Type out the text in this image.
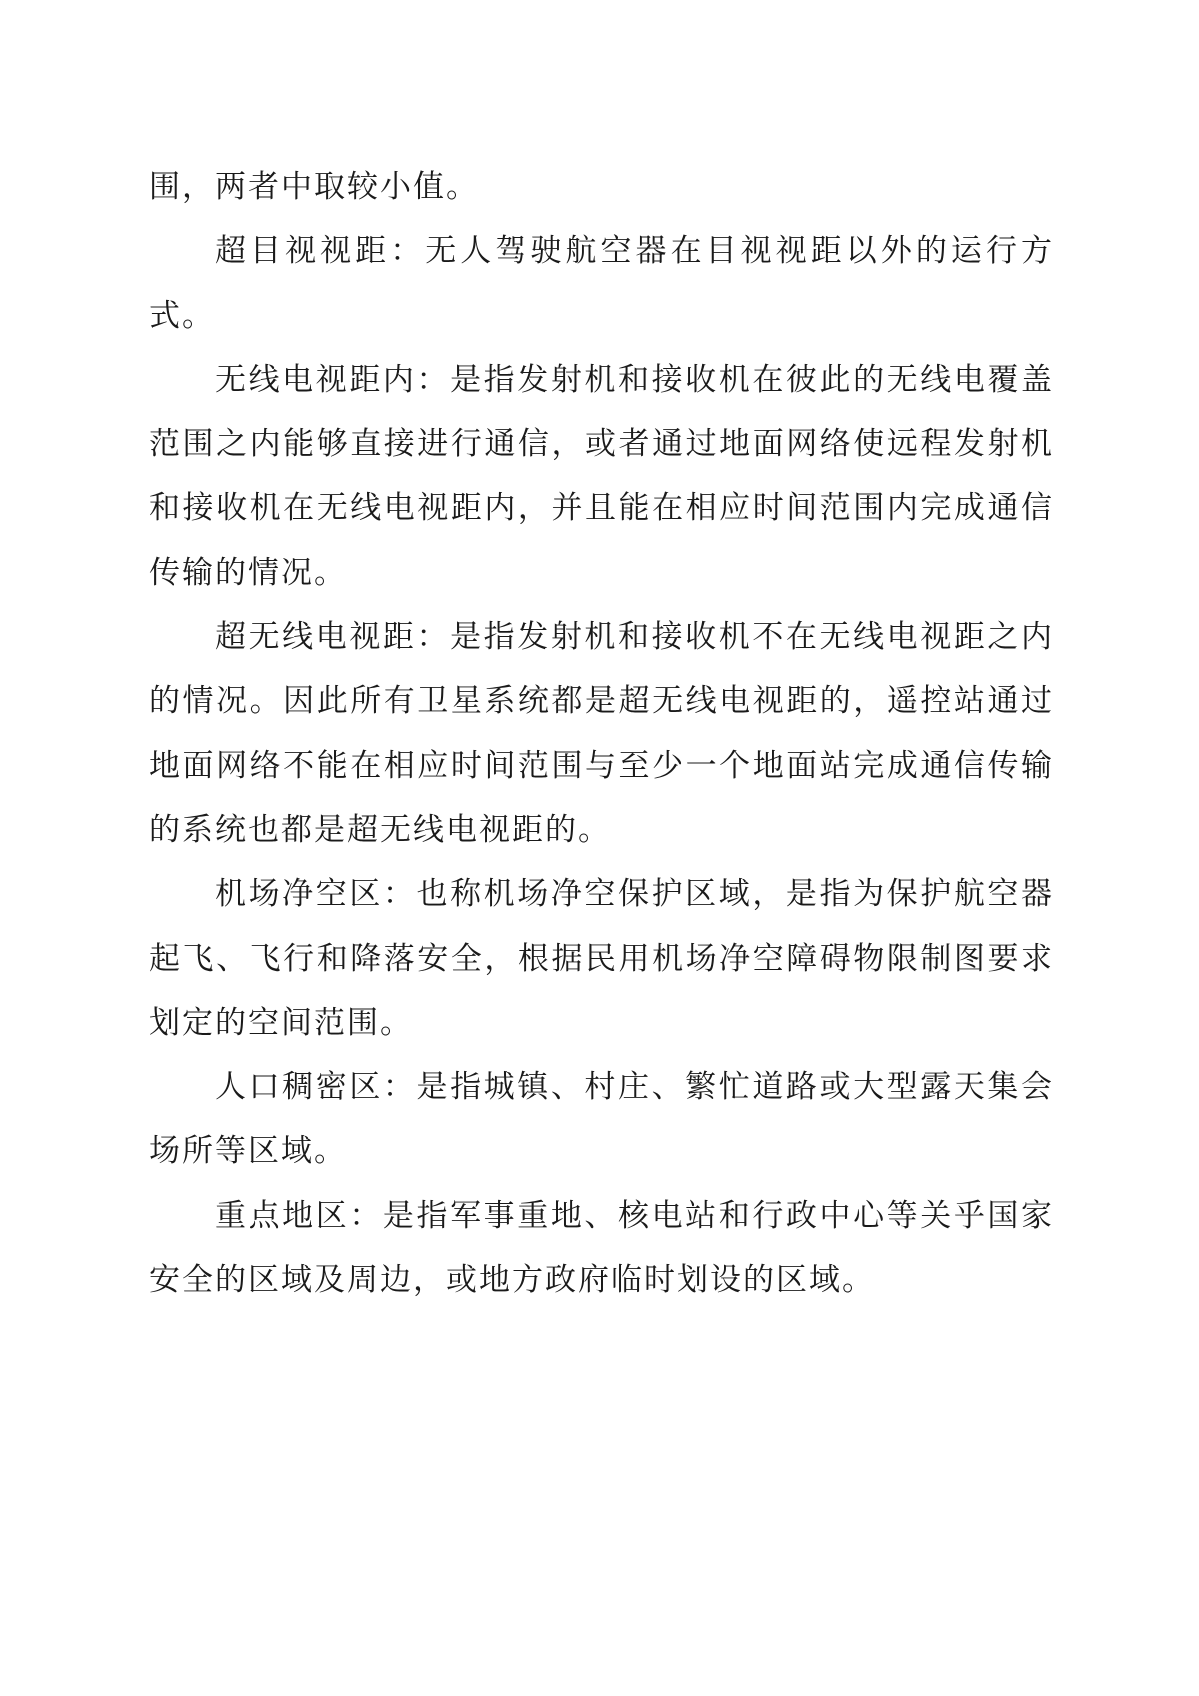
围，两者中取较小值。

超目视视距：无人驾驶航空器在目视视距以外的运行方式。

无线电视距内：是指发射机和接收机在彼此的无线电覆盖范围之内能够直接进行通信，或者通过地面网络使远程发射机和接收机在无线电视距内，并且能在相应时间范围内完成通信传输的情况。

超无线电视距：是指发射机和接收机不在无线电视距之内的情况。因此所有卫星系统都是超无线电视距的，遥控站通过地面网络不能在相应时间范围与至少一个地面站完成通信传输的系统也都是超无线电视距的。

机场净空区：也称机场净空保护区域，是指为保护航空器起飞、飞行和降落安全，根据民用机场净空障碍物限制图要求划定的空间范围。

人口稠密区：是指城镇、村庄、繁忙道路或大型露天集会场所等区域。

重点地区：是指军事重地、核电站和行政中心等关乎国家安全的区域及周边，或地方政府临时划设的区域。
